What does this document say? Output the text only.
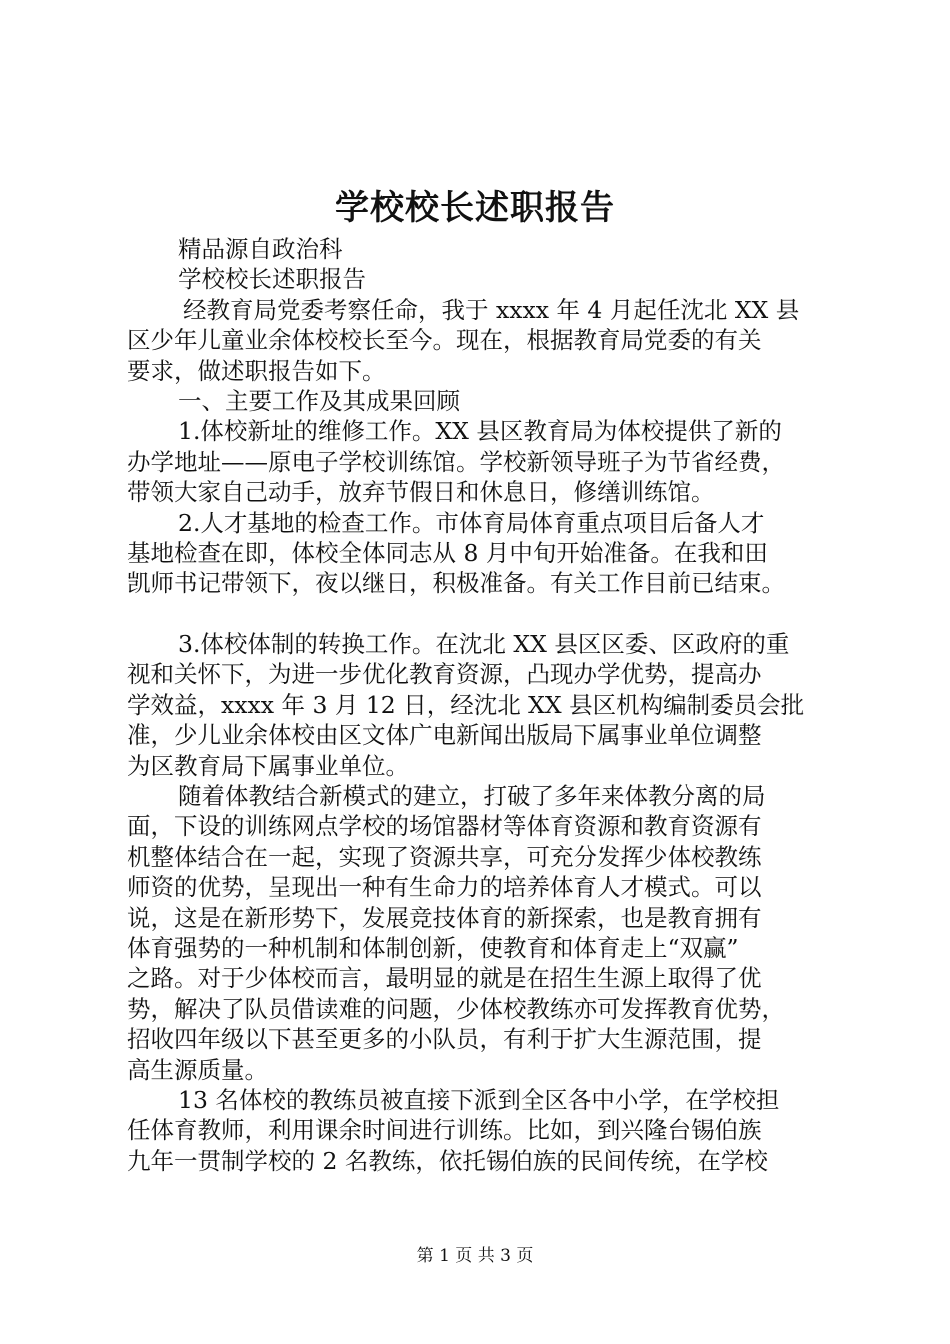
学校校长述职报告
精品源自政治科
学校校长述职报告
经教育局党委考察任命，我于 xxxx 年 4 月起任沈北 XX 县
区少年儿童业余体校校长至今。现在，根据教育局党委的有关
要求，做述职报告如下。
一、主要工作及其成果回顾
1.体校新址的维修工作。XX 县区教育局为体校提供了新的
办学地址——原电子学校训练馆。学校新领导班子为节省经费，
带领大家自己动手，放弃节假日和休息日，修缮训练馆。
2.人才基地的检查工作。市体育局体育重点项目后备人才
基地检查在即，体校全体同志从 8 月中旬开始准备。在我和田
凯师书记带领下，夜以继日，积极准备。有关工作目前已结束。
3.体校体制的转换工作。在沈北 XX 县区区委、区政府的重
视和关怀下，为进一步优化教育资源，凸现办学优势，提高办
学效益，xxxx 年 3 月 12 日，经沈北 XX 县区机构编制委员会批
准，少儿业余体校由区文体广电新闻出版局下属事业单位调整
为区教育局下属事业单位。
随着体教结合新模式的建立，打破了多年来体教分离的局
面，下设的训练网点学校的场馆器材等体育资源和教育资源有
机整体结合在一起，实现了资源共享，可充分发挥少体校教练
师资的优势，呈现出一种有生命力的培养体育人才模式。可以
说，这是在新形势下，发展竞技体育的新探索，也是教育拥有
体育强势的一种机制和体制创新，使教育和体育走上“双赢”
之路。对于少体校而言，最明显的就是在招生生源上取得了优
势，解决了队员借读难的问题，少体校教练亦可发挥教育优势，
招收四年级以下甚至更多的小队员，有利于扩大生源范围，提
高生源质量。
13 名体校的教练员被直接下派到全区各中小学，在学校担
任体育教师，利用课余时间进行训练。比如，到兴隆台锡伯族
九年一贯制学校的 2 名教练，依托锡伯族的民间传统，在学校
第 1 页 共 3 页
